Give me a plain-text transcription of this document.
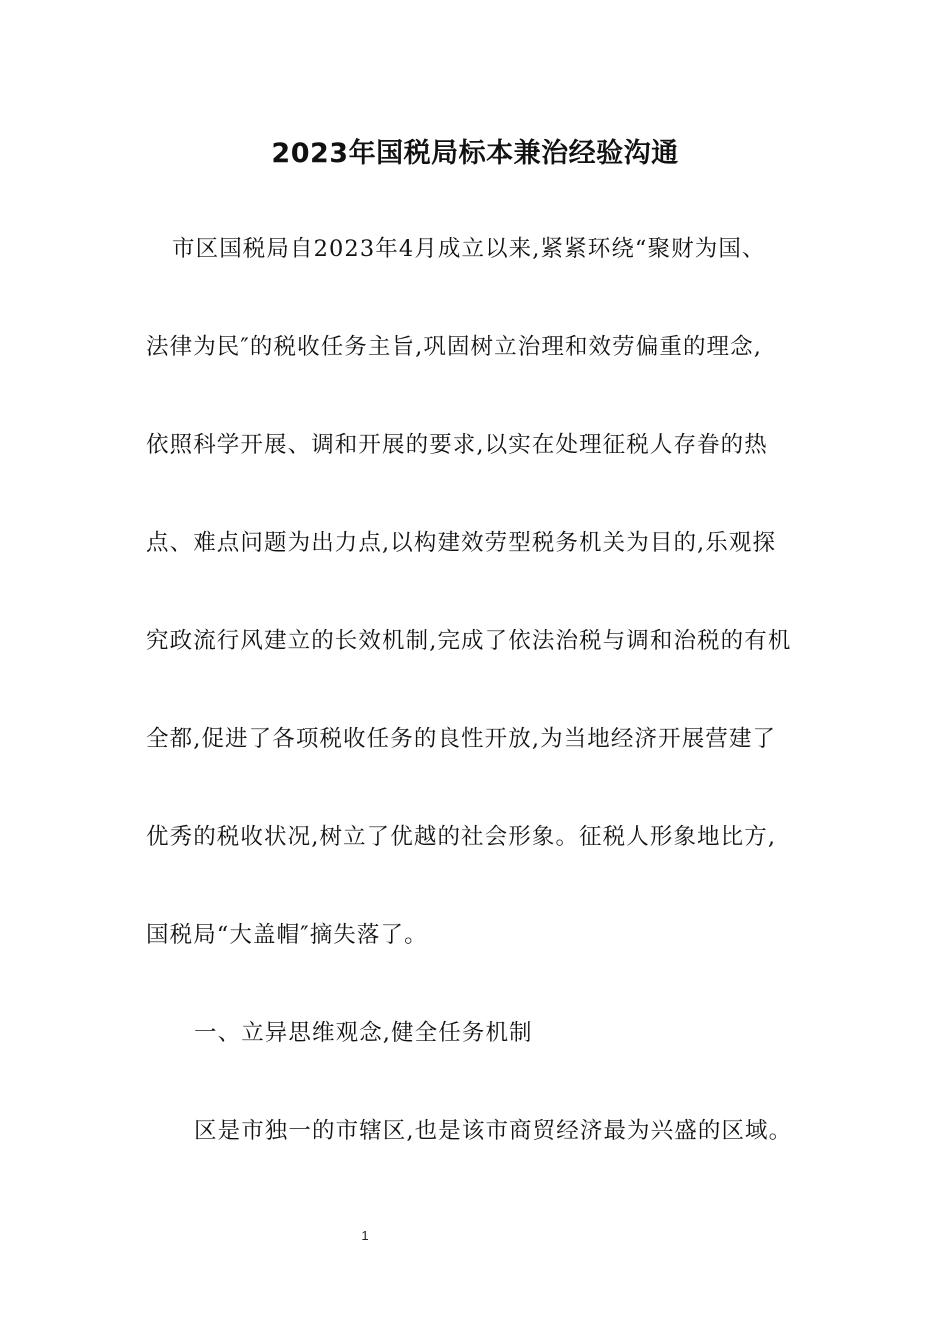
2023年国税局标本兼治经验沟通
市区国税局自2023年4月成立以来,紧紧环绕“聚财为国、
法律为民″的税收任务主旨,巩固树立治理和效劳偏重的理念,
依照科学开展、调和开展的要求,以实在处理征税人存眷的热
点、难点问题为出力点,以构建效劳型税务机关为目的,乐观探
究政流行风建立的长效机制,完成了依法治税与调和治税的有机
全都,促进了各项税收任务的良性开放,为当地经济开展营建了
优秀的税收状况,树立了优越的社会形象。征税人形象地比方,
国税局“大盖帽″摘失落了。
一、立异思维观念,健全任务机制
区是市独一的市辖区,也是该市商贸经济最为兴盛的区域。
1
